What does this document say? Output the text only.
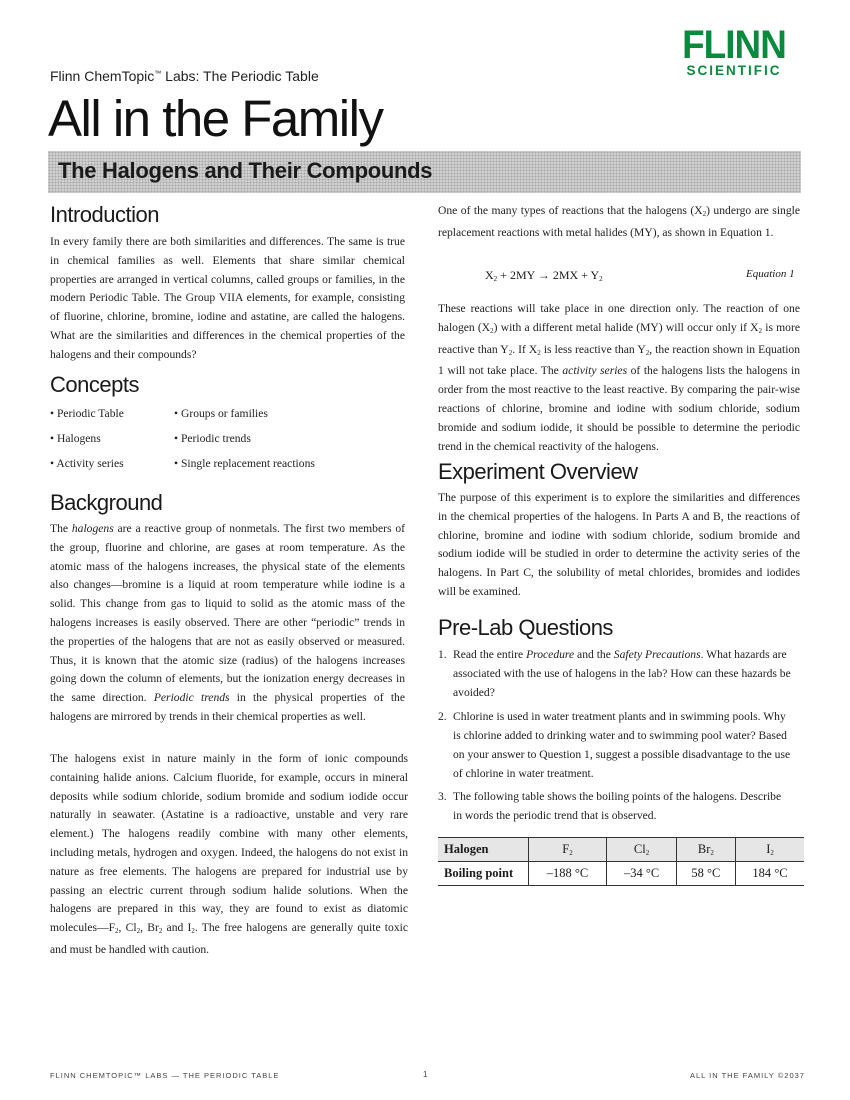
FLINN
SCIENTIFIC
Flinn ChemTopic™ Labs: The Periodic Table
All in the Family
The Halogens and Their Compounds
Introduction
In every family there are both similarities and differences. The same is true in chemical families as well. Elements that share similar chemical properties are arranged in vertical columns, called groups or families, in the modern Periodic Table. The Group VIIA elements, for example, consisting of fluorine, chlorine, bromine, iodine and astatine, are called the halogens. What are the similarities and differences in the chemical properties of the halogens and their compounds?
Concepts
• Periodic Table	• Groups or families
• Halogens	• Periodic trends
• Activity series	• Single replacement reactions
Background
The halogens are a reactive group of nonmetals. The first two members of the group, fluorine and chlorine, are gases at room temperature. As the atomic mass of the halogens increases, the physical state of the elements also changes—bromine is a liquid at room temperature while iodine is a solid. This change from gas to liquid to solid as the atomic mass of the halogens increases is easily observed. There are other “periodic” trends in the properties of the halogens that are not as easily observed or measured. Thus, it is known that the atomic size (radius) of the halogens increases going down the column of elements, but the ionization energy decreases in the same direction. Periodic trends in the physical properties of the halogens are mirrored by trends in their chemical properties as well.
The halogens exist in nature mainly in the form of ionic compounds containing halide anions. Calcium fluoride, for example, occurs in mineral deposits while sodium chloride, sodium bromide and sodium iodide occur naturally in seawater. (Astatine is a radioactive, unstable and very rare element.) The halogens readily combine with many other elements, including metals, hydrogen and oxygen. Indeed, the halogens do not exist in nature as free elements. The halogens are prepared for industrial use by passing an electric current through sodium halide solutions. When the halogens are prepared in this way, they are found to exist as diatomic $molecules—F_2$, $Cl_2$, $Br_2$ and $I_2$. The free halogens are generally quite toxic and must be handled with caution.
One of the many types of reactions that the halogens $(X_2)$ undergo are single replacement reactions with metal halides (MY), as shown in Equation 1.
$X_2 + 2MY \to 2MX + Y_2$	Equation 1
These reactions will take place in one direction only. The reaction of one halogen $(X_2)$ with a different metal halide (MY) will occur only if $X_2$ is more reactive than $Y_2$. If $X_2$ is less reactive than $Y_2$, the reaction shown in Equation 1 will not take place. The activity series of the halogens lists the halogens in order from the most reactive to the least reactive. By comparing the pair-wise reactions of chlorine, bromine and iodine with sodium chloride, sodium bromide and sodium iodide, it should be possible to determine the periodic trend in the chemical reactivity of the halogens.
Experiment Overview
The purpose of this experiment is to explore the similarities and differences in the chemical properties of the halogens. In Parts A and B, the reactions of chlorine, bromine and iodine with sodium chloride, sodium bromide and sodium iodide will be studied in order to determine the activity series of the halogens. In Part C, the solubility of metal chlorides, bromides and iodides will be examined.
Pre-Lab Questions
1. Read the entire Procedure and the Safety Precautions. What hazards are associated with the use of halogens in the lab? How can these hazards be avoided?
2. Chlorine is used in water treatment plants and in swimming pools. Why is chlorine added to drinking water and to swimming pool water? Based on your answer to Question 1, suggest a possible disadvantage to the use of chlorine in water treatment.
3. The following table shows the boiling points of the halogens. Describe in words the periodic trend that is observed.
Halogen	$F_2$	$Cl_2$	$Br_2$	$I_2$
Boiling point	–188 °C	–34 °C	58 °C	184 °C
FLINN CHEMTOPIC™ LABS — THE PERIODIC TABLE	1	ALL IN THE FAMILY ©2037
